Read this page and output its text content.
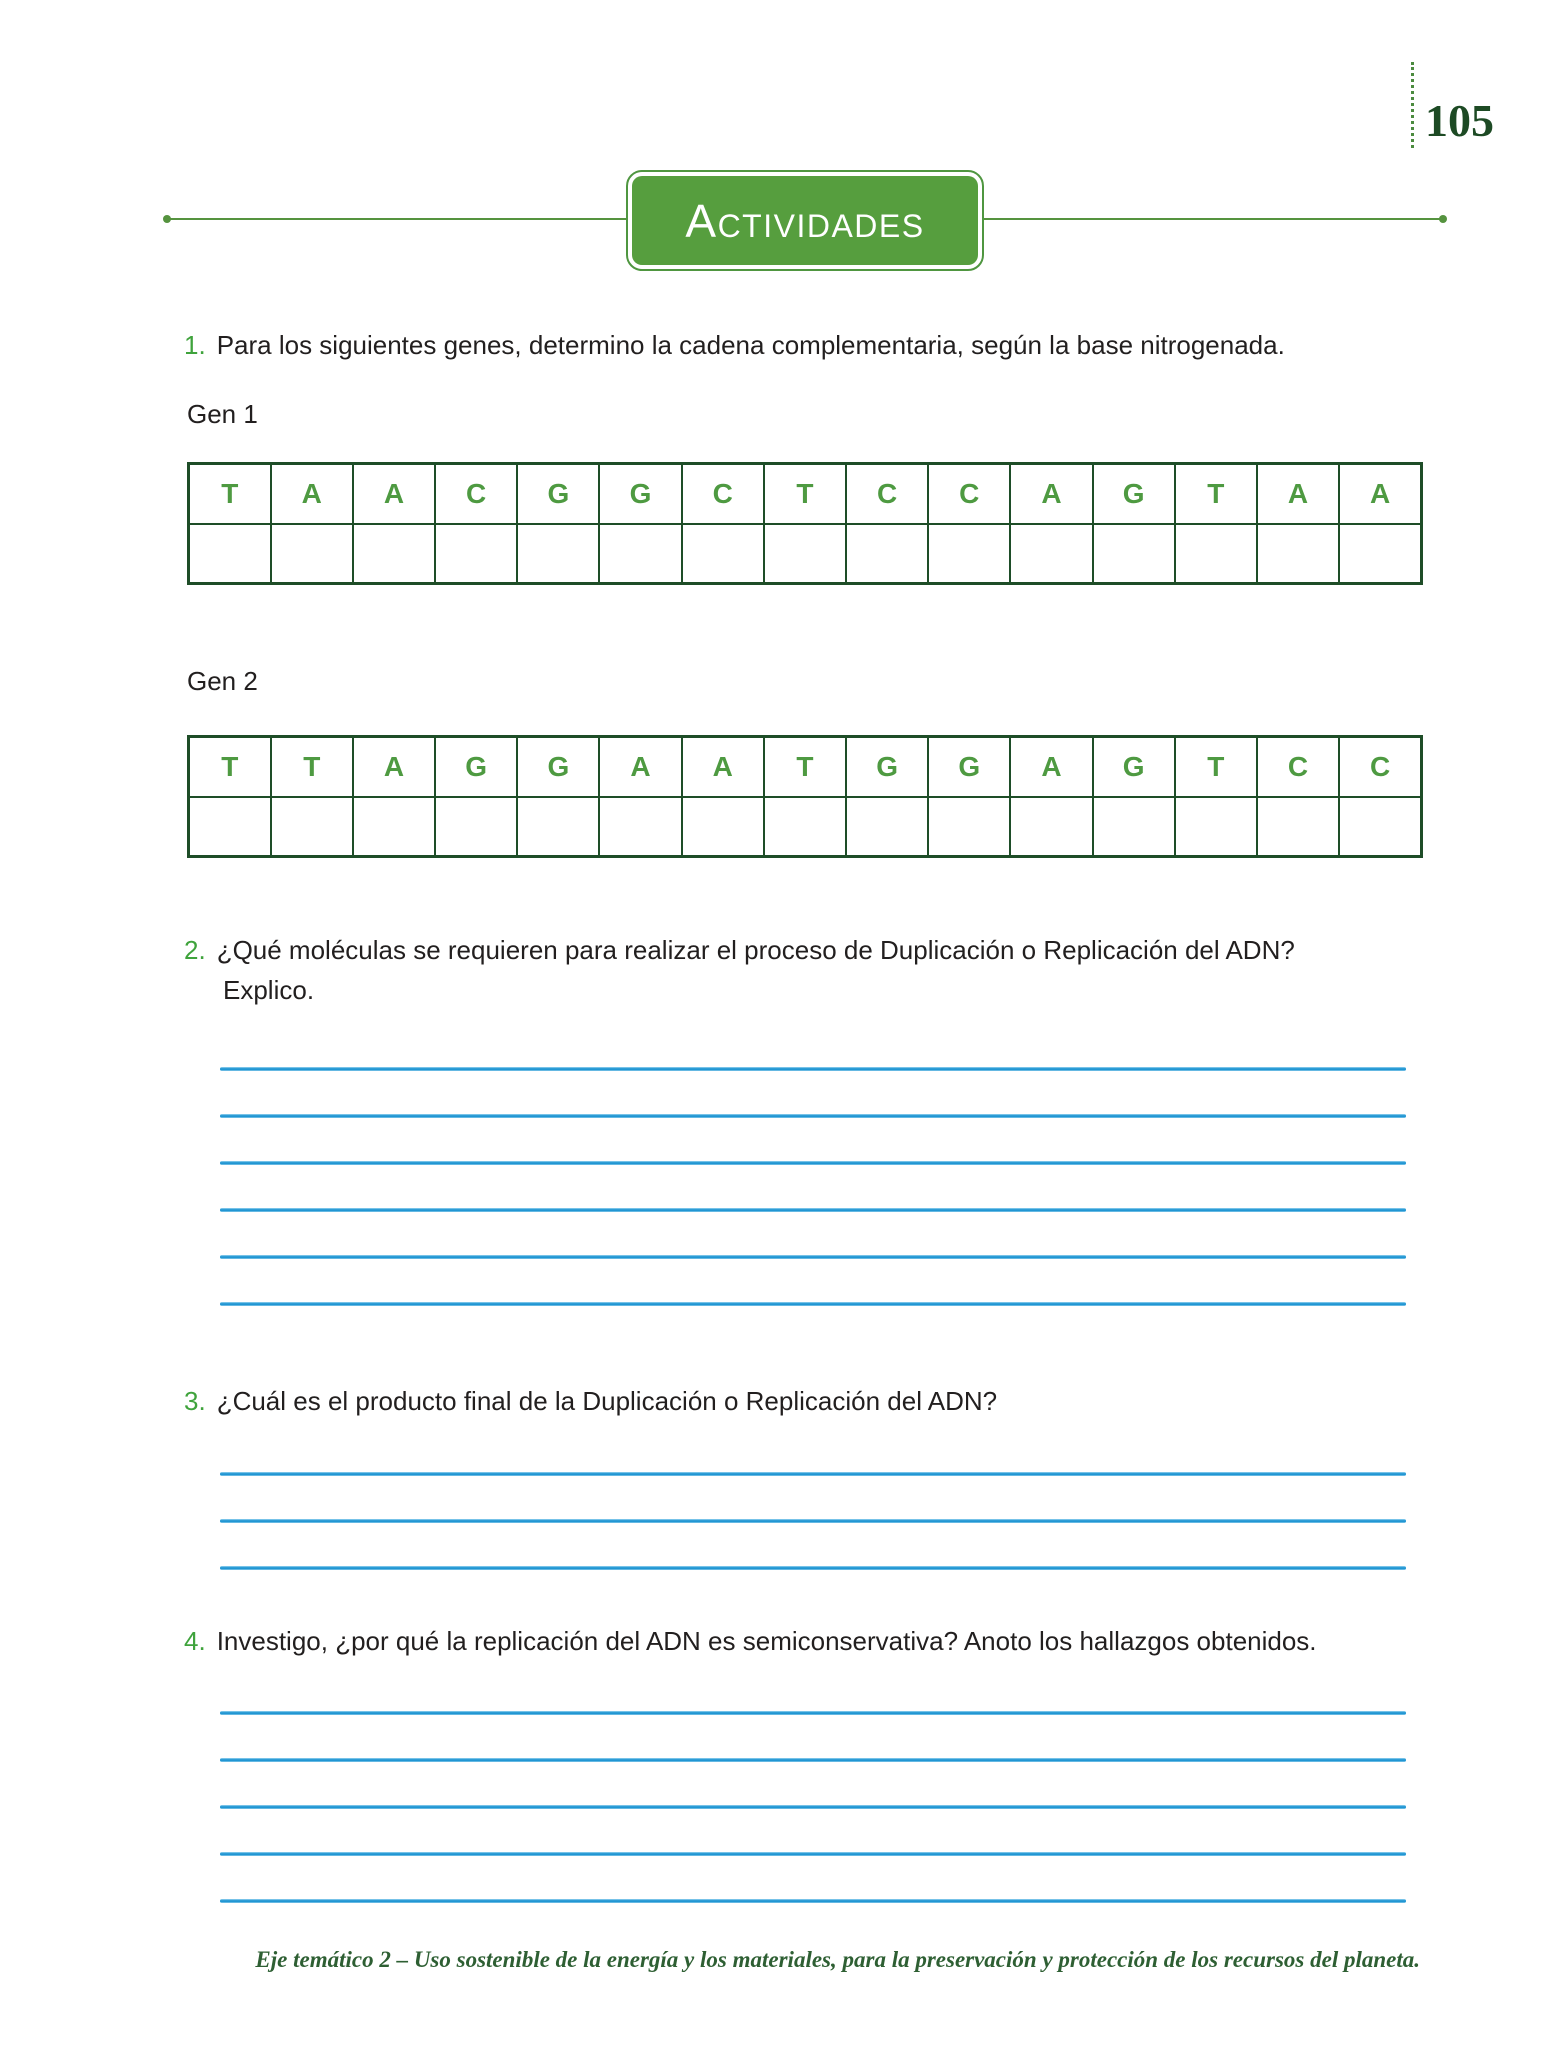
105
Actividades
1. Para los siguientes genes, determino la cadena complementaria, según la base nitrogenada.
Gen 1
T	A	A	C	G	G	C	T	C	C	A	G	T	A	A

Gen 2
T	T	A	G	G	A	A	T	G	G	A	G	T	C	C

2. ¿Qué moléculas se requieren para realizar el proceso de Duplicación o Replicación del ADN?
Explico.
3. ¿Cuál es el producto final de la Duplicación o Replicación del ADN?
4. Investigo, ¿por qué la replicación del ADN es semiconservativa? Anoto los hallazgos obtenidos.
Eje temático 2 – Uso sostenible de la energía y los materiales, para la preservación y protección de los recursos del planeta.
